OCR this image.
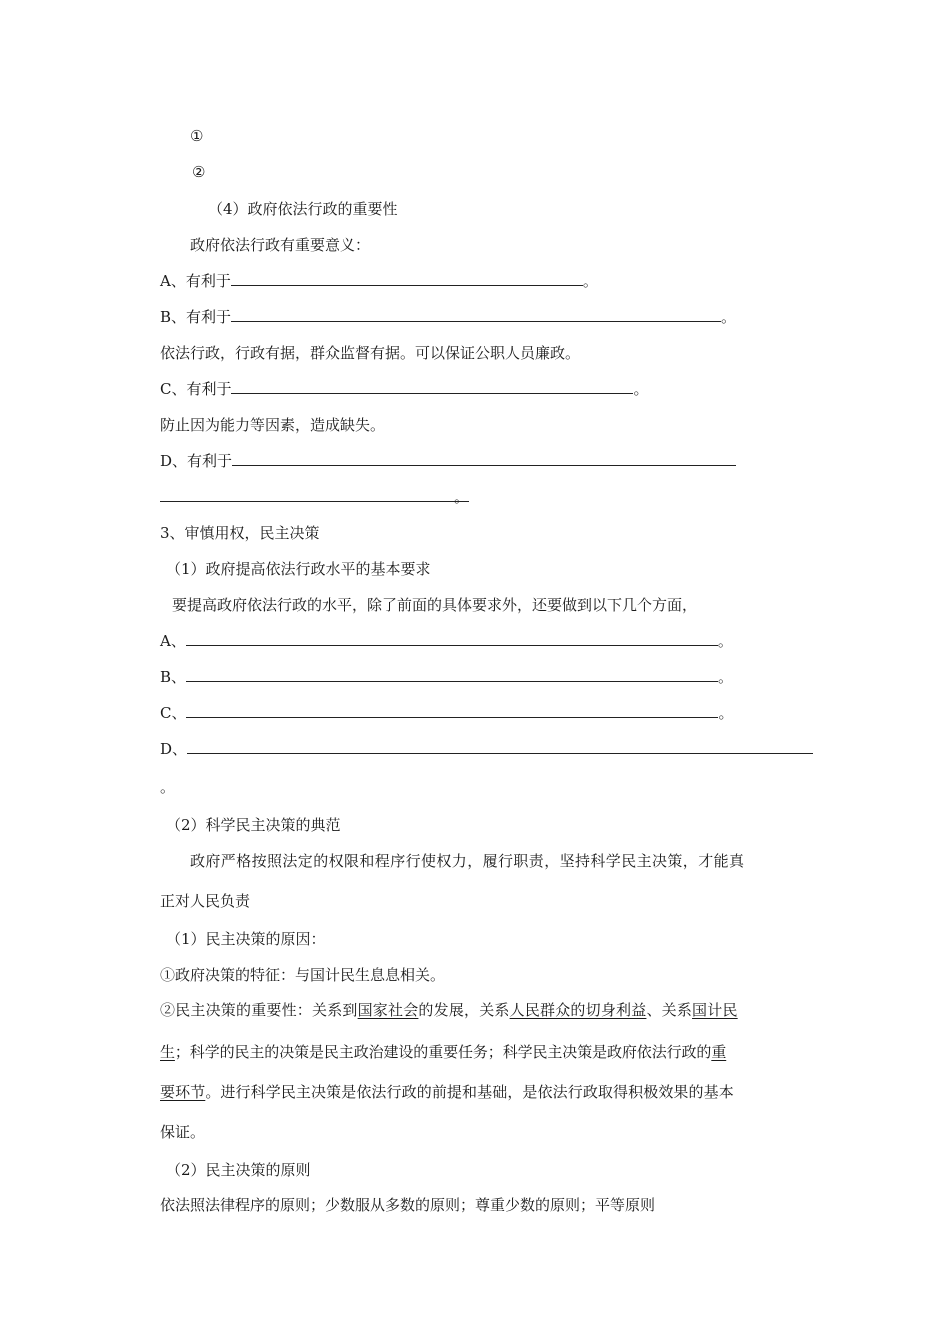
①
②
（4）政府依法行政的重要性
政府依法行政有重要意义：
A、有利于	。
B、有利于	。
依法行政，行政有据，群众监督有据。可以保证公职人员廉政。
C、有利于	。
防止因为能力等因素，造成缺失。
D、有利于
。
3、审慎用权，民主决策
（1）政府提高依法行政水平的基本要求
要提高政府依法行政的水平，除了前面的具体要求外，还要做到以下几个方面，
A、	。
B、	。
C、	。
D、
。
（2）科学民主决策的典范
政府严格按照法定的权限和程序行使权力，履行职责，坚持科学民主决策，才能真
正对人民负责
（1）民主决策的原因：
①政府决策的特征：与国计民生息息相关。
②民主决策的重要性：关系到国家社会的发展，关系人民群众的切身利益、关系国计民
生；科学的民主的决策是民主政治建设的重要任务；科学民主决策是政府依法行政的重
要环节。进行科学民主决策是依法行政的前提和基础，是依法行政取得积极效果的基本
保证。
（2）民主决策的原则
依法照法律程序的原则；少数服从多数的原则；尊重少数的原则；平等原则
